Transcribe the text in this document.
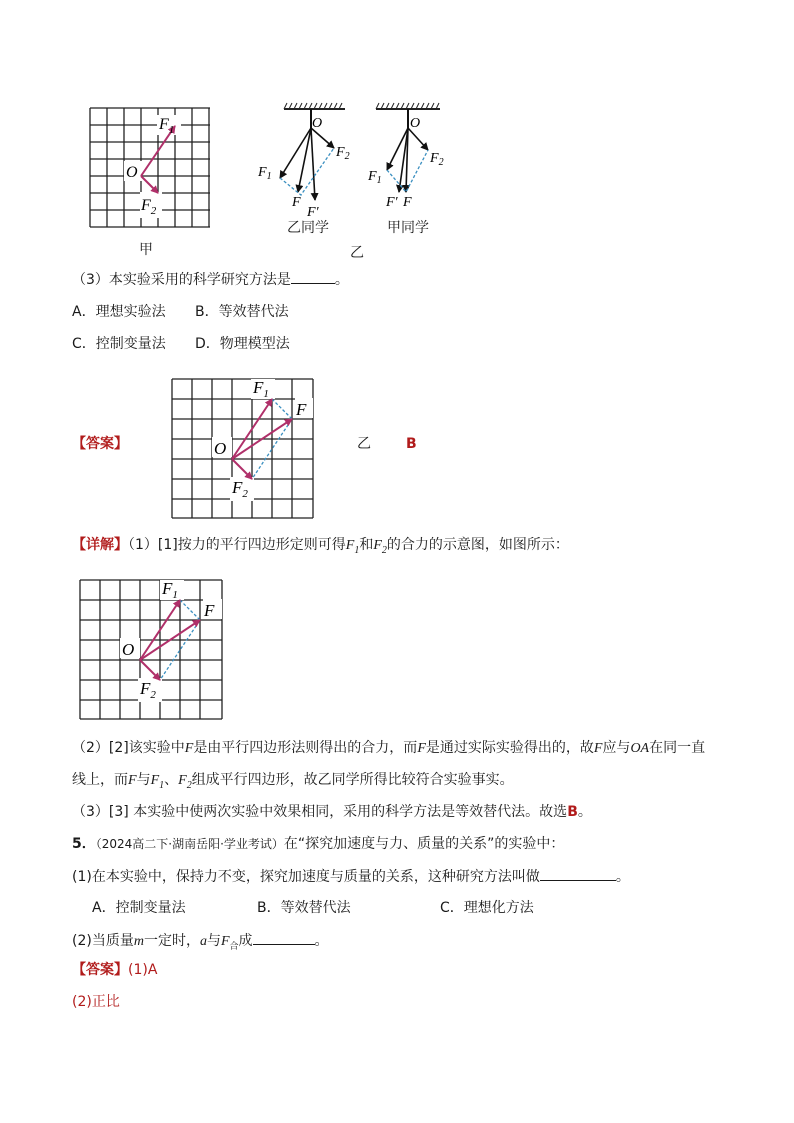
$F_1$
O
$F_2$
甲
O
$F_2$
$F_1$
F
F′
乙同学
O
$F_2$
$F_1$
F′ F
甲同学
乙
（3）本实验采用的科学研究方法是	。
A．理想实验法 B．等效替代法
C．控制变量法 D．物理模型法
【答案】
$F_1$
F
O
$F_2$
乙	B
【详解】（1）[1]按力的平行四边形定则可得$F_1$和$F_2$的合力的示意图，如图所示：
$F_1$
F
O
$F_2$
（2）[2]该实验中F是由平行四边形法则得出的合力，而F是通过实际实验得出的，故F应与OA在同一直
线上，而F与$F_1$、$F_2$组成平行四边形，故乙同学所得比较符合实验事实。
（3）[3] 本实验中使两次实验中效果相同，采用的科学方法是等效替代法。故选B。
5．（2024高二下·湖南岳阳·学业考试）在“探究加速度与力、质量的关系”的实验中：
(1)在本实验中，保持力不变，探究加速度与质量的关系，这种研究方法叫做	。
A．控制变量法	B．等效替代法	C．理想化方法
(2)当质量m一定时，a与$F_合$成	。
【答案】(1)A
(2)正比
